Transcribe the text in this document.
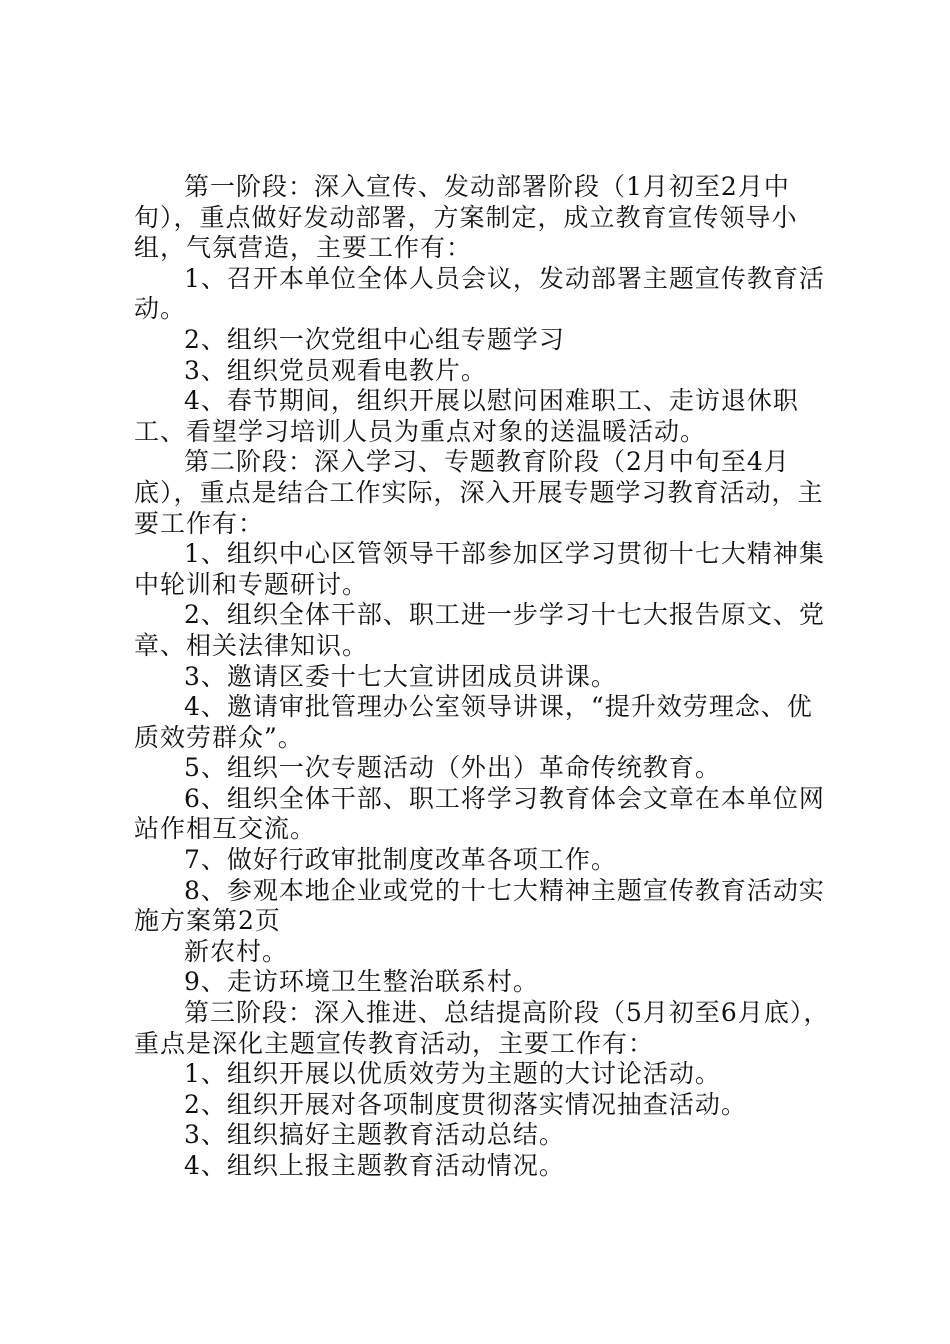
第一阶段：深入宣传、发动部署阶段（1月初至2月中旬），重点做好发动部署，方案制定，成立教育宣传领导小组，气氛营造，主要工作有：

1、召开本单位全体人员会议，发动部署主题宣传教育活动。

2、组织一次党组中心组专题学习

3、组织党员观看电教片。

4、春节期间，组织开展以慰问困难职工、走访退休职工、看望学习培训人员为重点对象的送温暖活动。

第二阶段：深入学习、专题教育阶段（2月中旬至4月底），重点是结合工作实际，深入开展专题学习教育活动，主要工作有：

1、组织中心区管领导干部参加区学习贯彻十七大精神集中轮训和专题研讨。

2、组织全体干部、职工进一步学习十七大报告原文、党章、相关法律知识。

3、邀请区委十七大宣讲团成员讲课。

4、邀请审批管理办公室领导讲课，“提升效劳理念、优质效劳群众”。

5、组织一次专题活动（外出）革命传统教育。

6、组织全体干部、职工将学习教育体会文章在本单位网站作相互交流。

7、做好行政审批制度改革各项工作。

8、参观本地企业或党的十七大精神主题宣传教育活动实施方案第2页

新农村。

9、走访环境卫生整治联系村。

第三阶段：深入推进、总结提高阶段（5月初至6月底），重点是深化主题宣传教育活动，主要工作有：

1、组织开展以优质效劳为主题的大讨论活动。

2、组织开展对各项制度贯彻落实情况抽查活动。

3、组织搞好主题教育活动总结。

4、组织上报主题教育活动情况。
